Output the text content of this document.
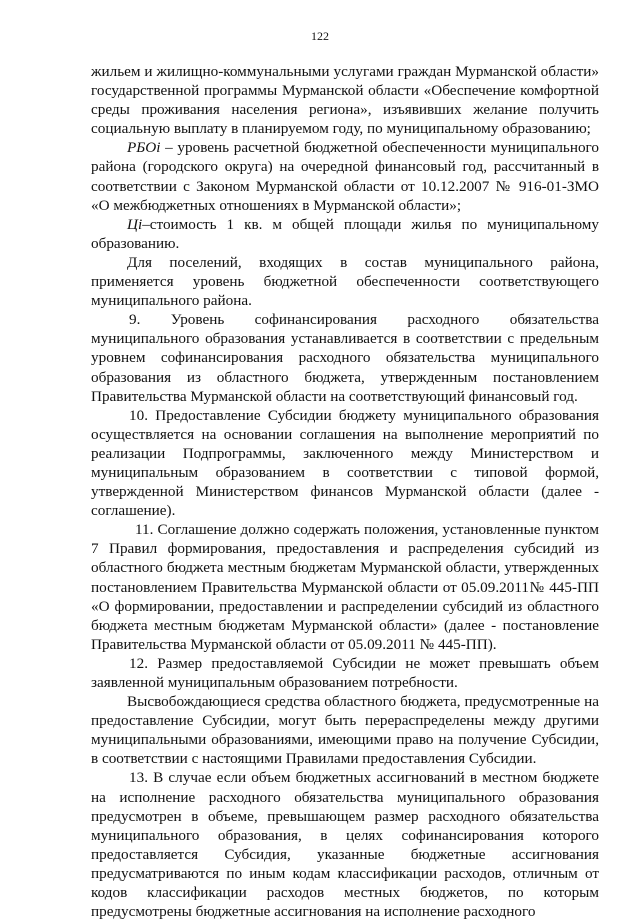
122

жильем и жилищно-коммунальными услугами граждан Мурманской области» государственной программы Мурманской области «Обеспечение комфортной среды проживания населения региона», изъявивших желание получить социальную выплату в планируемом году, по муниципальному образованию;

РБОi – уровень расчетной бюджетной обеспеченности муниципального района (городского округа) на очередной финансовый год, рассчитанный в соответствии с Законом Мурманской области от 10.12.2007 № 916-01-ЗМО «О межбюджетных отношениях в Мурманской области»;

Цi–стоимость 1 кв. м общей площади жилья по муниципальному образованию.

Для поселений, входящих в состав муниципального района, применяется уровень бюджетной обеспеченности соответствующего муниципального района.

9. Уровень софинансирования расходного обязательства муниципального образования устанавливается в соответствии с предельным уровнем софинансирования расходного обязательства муниципального образования из областного бюджета, утвержденным постановлением Правительства Мурманской области на соответствующий финансовый год.

10. Предоставление Субсидии бюджету муниципального образования осуществляется на основании соглашения на выполнение мероприятий по реализации Подпрограммы, заключенного между Министерством и муниципальным образованием в соответствии с типовой формой, утвержденной Министерством финансов Мурманской области (далее - соглашение).

11. Соглашение должно содержать положения, установленные пунктом 7 Правил формирования, предоставления и распределения субсидий из областного бюджета местным бюджетам Мурманской области, утвержденных постановлением Правительства Мурманской области от 05.09.2011№ 445-ПП «О формировании, предоставлении и распределении субсидий из областного бюджета местным бюджетам Мурманской области» (далее - постановление Правительства Мурманской области от 05.09.2011 № 445-ПП).

12. Размер предоставляемой Субсидии не может превышать объем заявленной муниципальным образованием потребности.

Высвобождающиеся средства областного бюджета, предусмотренные на предоставление Субсидии, могут быть перераспределены между другими муниципальными образованиями, имеющими право на получение Субсидии, в соответствии с настоящими Правилами предоставления Субсидии.

13. В случае если объем бюджетных ассигнований в местном бюджете на исполнение расходного обязательства муниципального образования предусмотрен в объеме, превышающем размер расходного обязательства муниципального образования, в целях софинансирования которого предоставляется Субсидия, указанные бюджетные ассигнования предусматриваются по иным кодам классификации расходов, отличным от кодов классификации расходов местных бюджетов, по которым предусмотрены бюджетные ассигнования на исполнение расходного
